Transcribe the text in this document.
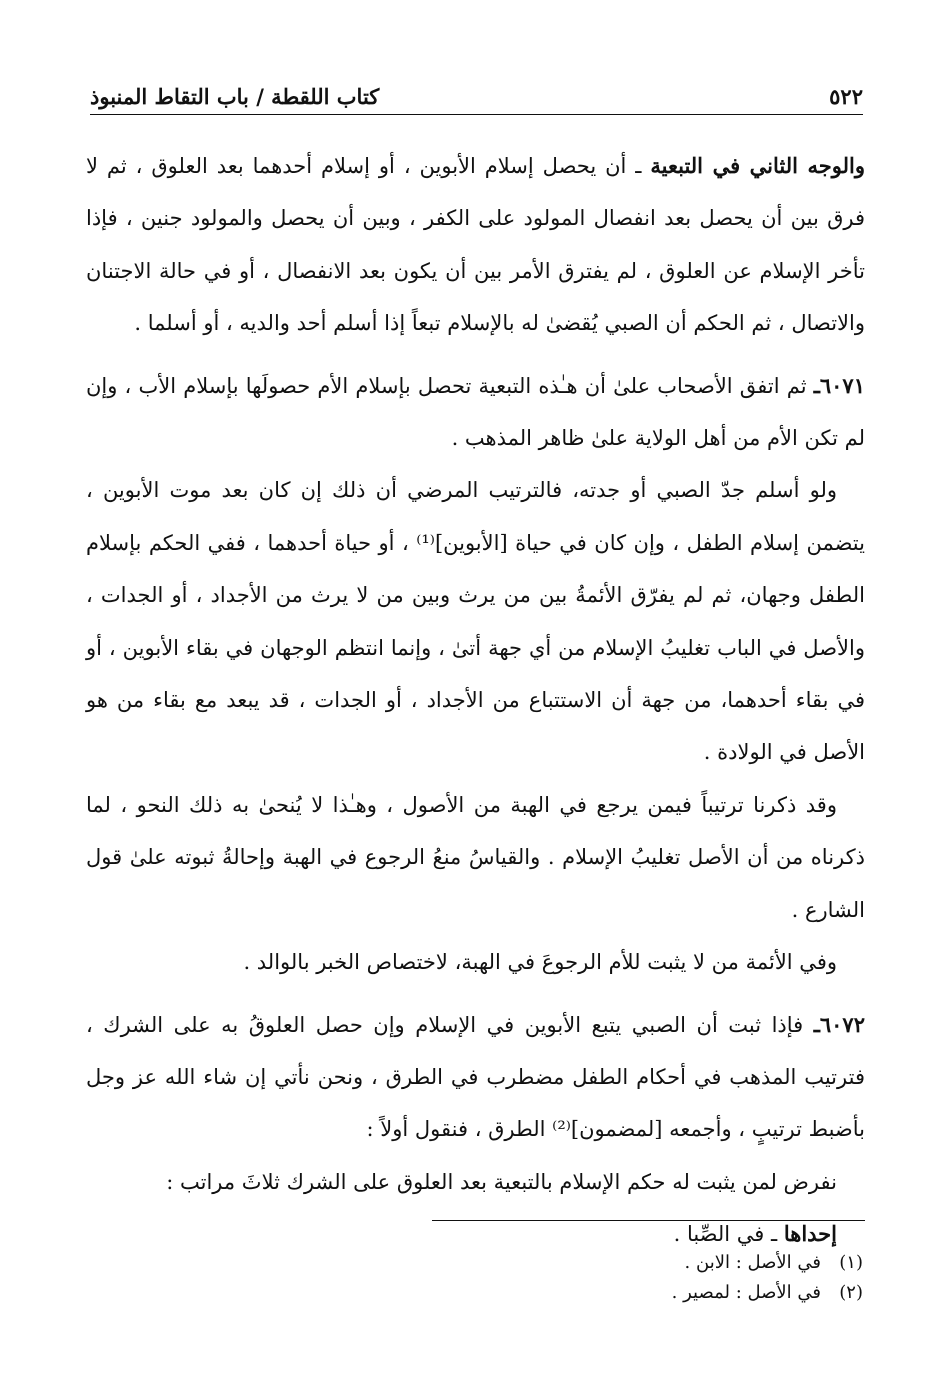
٥٢٢
كتاب اللقطة / باب التقاط المنبوذ

والوجه الثاني في التبعية ـ أن يحصل إسلام الأبوين ، أو إسلام أحدهما بعد العلوق ، ثم لا فرق بين أن يحصل بعد انفصال المولود على الكفر ، وبين أن يحصل والمولود جنين ، فإذا تأخر الإسلام عن العلوق ، لم يفترق الأمر بين أن يكون بعد الانفصال ، أو في حالة الاجتنان والاتصال ، ثم الحكم أن الصبي يُقضىٰ له بالإسلام تبعاً إذا أسلم أحد والديه ، أو أسلما .

٦٠٧١ـ ثم اتفق الأصحاب علىٰ أن هـٰذه التبعية تحصل بإسلام الأم حصولَها بإسلام الأب ، وإن لم تكن الأم من أهل الولاية علىٰ ظاهر المذهب .

ولو أسلم جدّ الصبي أو جدته، فالترتيب المرضي أن ذلك إن كان بعد موت الأبوين ، يتضمن إسلام الطفل ، وإن كان في حياة [الأبوين]⁽¹⁾ ، أو حياة أحدهما ، ففي الحكم بإسلام الطفل وجهان، ثم لم يفرّق الأئمةُ بين من يرث وبين من لا يرث من الأجداد ، أو الجدات ، والأصل في الباب تغليبُ الإسلام من أي جهة أتىٰ ، وإنما انتظم الوجهان في بقاء الأبوين ، أو في بقاء أحدهما، من جهة أن الاستتباع من الأجداد ، أو الجدات ، قد يبعد مع بقاء من هو الأصل في الولادة .

وقد ذكرنا ترتيباً فيمن يرجع في الهبة من الأصول ، وهـٰذا لا يُنحىٰ به ذلك النحو ، لما ذكرناه من أن الأصل تغليبُ الإسلام . والقياسُ منعُ الرجوع في الهبة وإحالةُ ثبوته علىٰ قول الشارع .

وفي الأئمة من لا يثبت للأم الرجوعَ في الهبة، لاختصاص الخبر بالوالد .

٦٠٧٢ـ فإذا ثبت أن الصبي يتبع الأبوين في الإسلام وإن حصل العلوقُ به على الشرك ، فترتيب المذهب في أحكام الطفل مضطرب في الطرق ، ونحن نأتي إن شاء الله عز وجل بأضبط ترتيبٍ ، وأجمعه [لمضمون]⁽²⁾ الطرق ، فنقول أولاً :

نفرض لمن يثبت له حكم الإسلام بالتبعية بعد العلوق على الشرك ثلاثَ مراتب :

إحداها ـ في الصِّبا .

(١)في الأصل : الابن .
(٢)في الأصل : لمصير .
